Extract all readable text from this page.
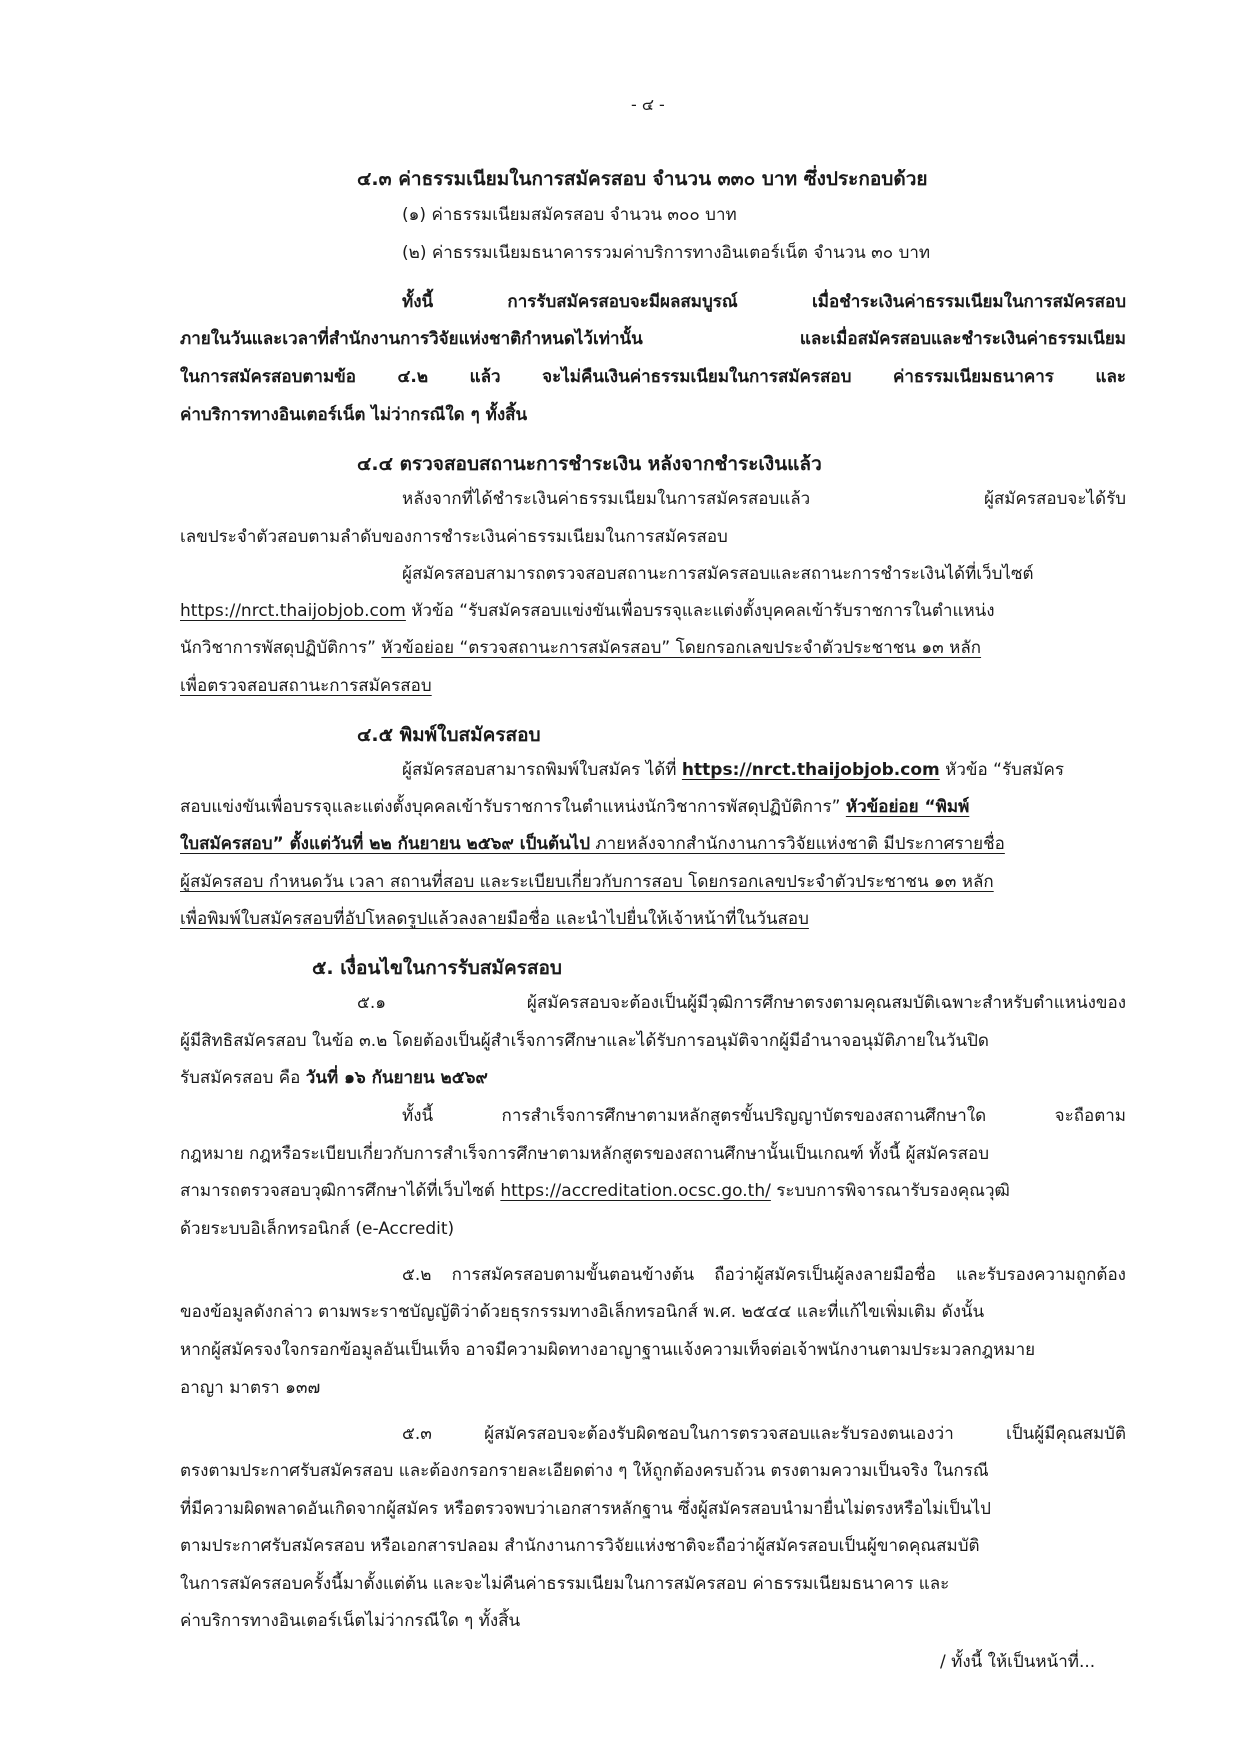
- ๔ -
๔.๓ ค่าธรรมเนียมในการสมัครสอบ จำนวน ๓๓๐ บาท ซึ่งประกอบด้วย
(๑) ค่าธรรมเนียมสมัครสอบ จำนวน ๓๐๐ บาท
(๒) ค่าธรรมเนียมธนาคารรวมค่าบริการทางอินเตอร์เน็ต จำนวน ๓๐ บาท
ทั้งนี้ การรับสมัครสอบจะมีผลสมบูรณ์ เมื่อชำระเงินค่าธรรมเนียมในการสมัครสอบ
ภายในวันและเวลาที่สำนักงานการวิจัยแห่งชาติกำหนดไว้เท่านั้น และเมื่อสมัครสอบและชำระเงินค่าธรรมเนียม
ในการสมัครสอบตามข้อ ๔.๒ แล้ว จะไม่คืนเงินค่าธรรมเนียมในการสมัครสอบ ค่าธรรมเนียมธนาคาร และ
ค่าบริการทางอินเตอร์เน็ต ไม่ว่ากรณีใด ๆ ทั้งสิ้น
๔.๔ ตรวจสอบสถานะการชำระเงิน หลังจากชำระเงินแล้ว
หลังจากที่ได้ชำระเงินค่าธรรมเนียมในการสมัครสอบแล้ว ผู้สมัครสอบจะได้รับ
เลขประจำตัวสอบตามลำดับของการชำระเงินค่าธรรมเนียมในการสมัครสอบ
ผู้สมัครสอบสามารถตรวจสอบสถานะการสมัครสอบและสถานะการชำระเงินได้ที่เว็บไซต์
https://nrct.thaijobjob.com หัวข้อ “รับสมัครสอบแข่งขันเพื่อบรรจุและแต่งตั้งบุคคลเข้ารับราชการในตำแหน่ง
นักวิชาการพัสดุปฏิบัติการ” หัวข้อย่อย “ตรวจสถานะการสมัครสอบ” โดยกรอกเลขประจำตัวประชาชน ๑๓ หลัก
เพื่อตรวจสอบสถานะการสมัครสอบ
๔.๕ พิมพ์ใบสมัครสอบ
ผู้สมัครสอบสามารถพิมพ์ใบสมัคร ได้ที่ https://nrct.thaijobjob.com หัวข้อ “รับสมัคร
สอบแข่งขันเพื่อบรรจุและแต่งตั้งบุคคลเข้ารับราชการในตำแหน่งนักวิชาการพัสดุปฏิบัติการ” หัวข้อย่อย “พิมพ์
ใบสมัครสอบ” ตั้งแต่วันที่ ๒๒ กันยายน ๒๕๖๙ เป็นต้นไป ภายหลังจากสำนักงานการวิจัยแห่งชาติ มีประกาศรายชื่อ
ผู้สมัครสอบ กำหนดวัน เวลา สถานที่สอบ และระเบียบเกี่ยวกับการสอบ โดยกรอกเลขประจำตัวประชาชน ๑๓ หลัก
เพื่อพิมพ์ใบสมัครสอบที่อัปโหลดรูปแล้วลงลายมือชื่อ และนำไปยื่นให้เจ้าหน้าที่ในวันสอบ
๕. เงื่อนไขในการรับสมัครสอบ
๕.๑ ผู้สมัครสอบจะต้องเป็นผู้มีวุฒิการศึกษาตรงตามคุณสมบัติเฉพาะสำหรับตำแหน่งของ
ผู้มีสิทธิสมัครสอบ ในข้อ ๓.๒ โดยต้องเป็นผู้สำเร็จการศึกษาและได้รับการอนุมัติจากผู้มีอำนาจอนุมัติภายในวันปิด
รับสมัครสอบ คือ วันที่ ๑๖ กันยายน ๒๕๖๙
ทั้งนี้ การสำเร็จการศึกษาตามหลักสูตรขั้นปริญญาบัตรของสถานศึกษาใด จะถือตาม
กฎหมาย กฎหรือระเบียบเกี่ยวกับการสำเร็จการศึกษาตามหลักสูตรของสถานศึกษานั้นเป็นเกณฑ์ ทั้งนี้ ผู้สมัครสอบ
สามารถตรวจสอบวุฒิการศึกษาได้ที่เว็บไซต์ https://accreditation.ocsc.go.th/ ระบบการพิจารณารับรองคุณวุฒิ
ด้วยระบบอิเล็กทรอนิกส์ (e-Accredit)
๕.๒ การสมัครสอบตามขั้นตอนข้างต้น ถือว่าผู้สมัครเป็นผู้ลงลายมือชื่อ และรับรองความถูกต้อง
ของข้อมูลดังกล่าว ตามพระราชบัญญัติว่าด้วยธุรกรรมทางอิเล็กทรอนิกส์ พ.ศ. ๒๕๔๔ และที่แก้ไขเพิ่มเติม ดังนั้น
หากผู้สมัครจงใจกรอกข้อมูลอันเป็นเท็จ อาจมีความผิดทางอาญาฐานแจ้งความเท็จต่อเจ้าพนักงานตามประมวลกฎหมาย
อาญา มาตรา ๑๓๗
๕.๓ ผู้สมัครสอบจะต้องรับผิดชอบในการตรวจสอบและรับรองตนเองว่า เป็นผู้มีคุณสมบัติ
ตรงตามประกาศรับสมัครสอบ และต้องกรอกรายละเอียดต่าง ๆ ให้ถูกต้องครบถ้วน ตรงตามความเป็นจริง ในกรณี
ที่มีความผิดพลาดอันเกิดจากผู้สมัคร หรือตรวจพบว่าเอกสารหลักฐาน ซึ่งผู้สมัครสอบนำมายื่นไม่ตรงหรือไม่เป็นไป
ตามประกาศรับสมัครสอบ หรือเอกสารปลอม สำนักงานการวิจัยแห่งชาติจะถือว่าผู้สมัครสอบเป็นผู้ขาดคุณสมบัติ
ในการสมัครสอบครั้งนี้มาตั้งแต่ต้น และจะไม่คืนค่าธรรมเนียมในการสมัครสอบ ค่าธรรมเนียมธนาคาร และ
ค่าบริการทางอินเตอร์เน็ตไม่ว่ากรณีใด ๆ ทั้งสิ้น
/ ทั้งนี้ ให้เป็นหน้าที่...
